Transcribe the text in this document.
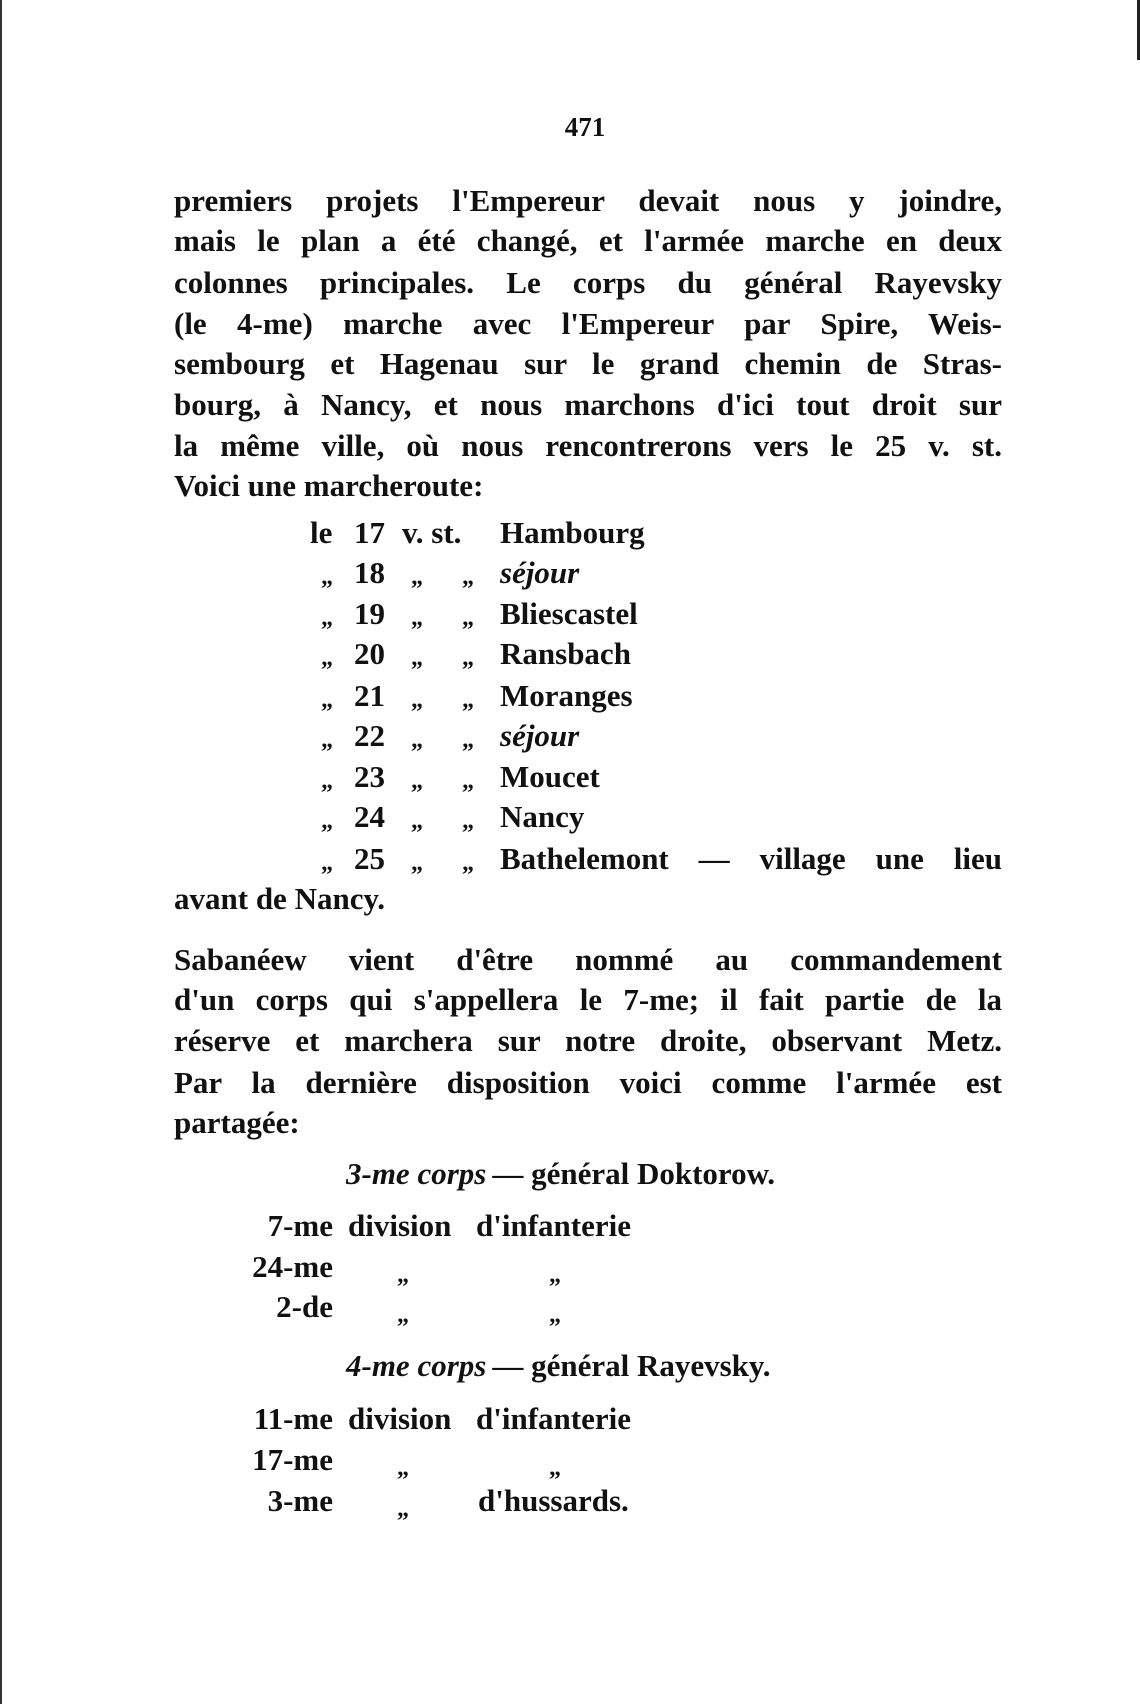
471
premiers projets l'Empereur devait nous y joindre,
mais le plan a été changé, et l'armée marche en deux
colonnes principales. Le corps du général Rayevsky
(le 4-me) marche avec l'Empereur par Spire, Weis-
sembourg et Hagenau sur le grand chemin de Stras-
bourg, à Nancy, et nous marchons d'ici tout droit sur
la même ville, où nous rencontrerons vers le 25 v. st.
Voici une marcheroute:
le 17 v. st. Hambourg
„ 18 „ „ séjour
„ 19 „ „ Bliescastel
„ 20 „ „ Ransbach
„ 21 „ „ Moranges
„ 22 „ „ séjour
„ 23 „ „ Moucet
„ 24 „ „ Nancy
„ 25 „ „ Bathelemont — village une lieu
avant de Nancy.
Sabanéew vient d'être nommé au commandement
d'un corps qui s'appellera le 7-me; il fait partie de la
réserve et marchera sur notre droite, observant Metz.
Par la dernière disposition voici comme l'armée est
partagée:
3-me corps — général Doktorow.
7-me division d'infanterie
24-me	„	„
2-de	„	„
4-me corps — général Rayevsky.
11-me division d'infanterie
17-me	„	„
3-me	„ d'hussards.
